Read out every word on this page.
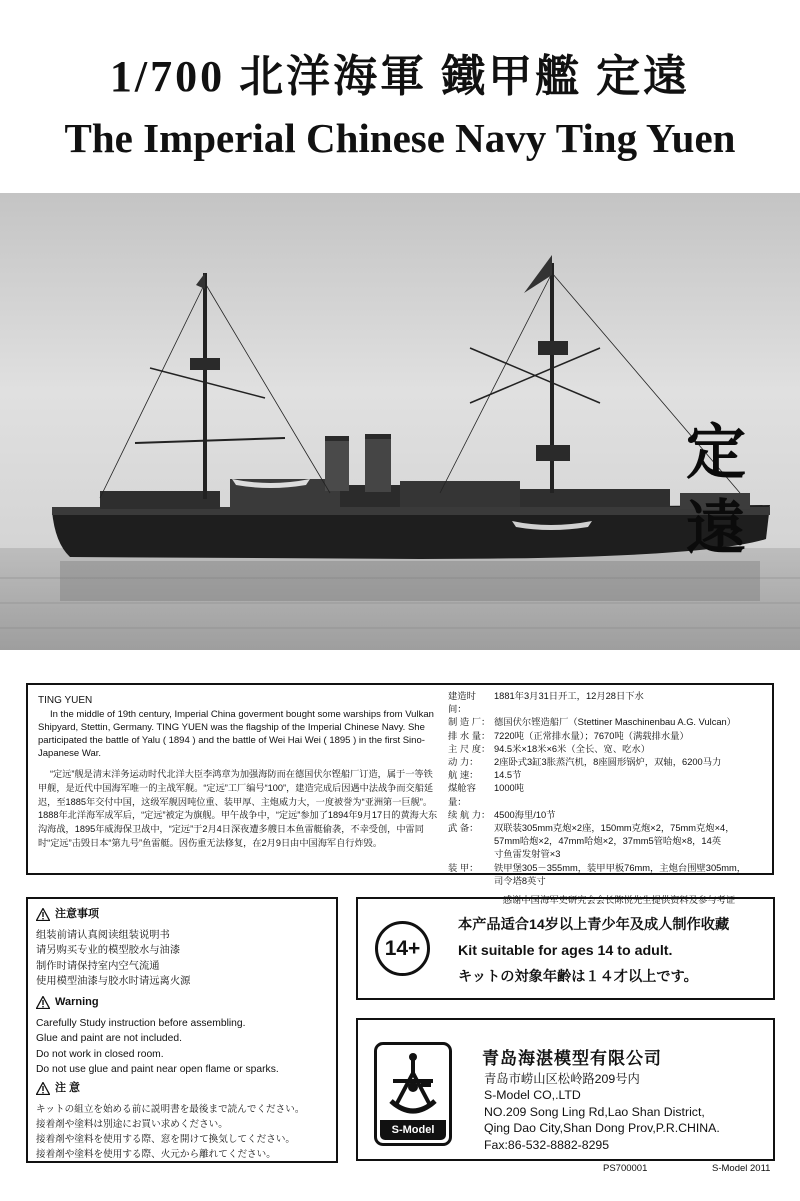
1/700 北洋海軍 鐵甲艦 定遠
The Imperial Chinese Navy Ting Yuen
定遠
TING YUEN

In the middle of 19th century, Imperial China goverment bought some warships from Vulkan Shipyard, Stettin, Germany. TING YUEN was the flagship of the Imperial Chinese Navy. She participated the battle of Yalu ( 1894 ) and the battle of Wei Hai Wei ( 1895 ) in the first Sino-Japanese War.

“定远”舰是清末洋务运动时代北洋大臣李鸿章为加强海防而在德国伏尔铿船厂订造，属于一等铁甲舰，是近代中国海军唯一的主战军舰。“定远”工厂编号“100”，建造完成后因遇中法战争而交船延迟，至1885年交付中国，这级军舰因吨位重、装甲厚、主炮威力大，一度被誉为“亚洲第一巨舰”。1888年北洋海军成军后，“定远”被定为旗舰。甲午战争中，“定远”参加了1894年9月17日的黄海大东沟海战，1895年威海保卫战中，“定远”于2月4日深夜遭多艘日本鱼雷艇偷袭，不幸受创，中雷同时“定远”击毁日本“第九号”鱼雷艇。因伤重无法修复，在2月9日由中国海军自行炸毁。

建造时间：
1881年3月31日开工，12月28日下水
制 造 厂： 德国伏尔铿造船厂（Stettiner Maschinenbau A.G. Vulcan）
排 水 量： 7220吨（正常排水量）；7670吨（满载排水量）
主 尺 度： 94.5米×18米×6米（全长、宽、吃水）
动 力：	2座卧式3缸3胀蒸汽机，8座圆形锅炉，双轴，6200马力
航 速：	14.5节
煤舱容量：
1000吨
续 航 力： 4500海里/10节
武 备：	双联装305mm克炮×2座，150mm克炮×2，75mm克炮×4，
57mm哈炮×2，47mm哈炮×2，37mm5管哈炮×8，14英
寸鱼雷发射管×3
装 甲：	铁甲堡305－355mm，装甲甲板76mm，主炮台围壁305mm，
司令塔8英寸
感谢中国海军史研究会会长陈悦先生提供资料及参与考证
注意事项
组装前请认真阅读组装说明书
请另购买专业的模型胶水与油漆
制作时请保持室内空气流通
使用模型油漆与胶水时请远离火源
Warning
Carefully Study instruction before assembling.
Glue and paint are not included.
Do not work in closed room.
Do not use glue and paint near open flame or sparks.
注 意
キットの組立を始める前に説明書を最後まで読んでください。
接着剤や塗料は別途にお買い求めください。
接着剤や塗料を使用する際、窓を開けて換気してください。
接着剤や塗料を使用する際、火元から離れてください。
14+
本产品适合14岁以上青少年及成人制作收藏
Kit suitable for ages 14 to adult.
キットの対象年齢は１４才以上です。
S-Model
青岛海湛模型有限公司
青岛市崂山区松岭路209号内
S-Model CO,.LTD
NO.209 Song Ling Rd,Lao Shan District,
Qing Dao City,Shan Dong Prov,P.R.CHINA.
Fax:86-532-8882-8295
PS700001	S-Model 2011
